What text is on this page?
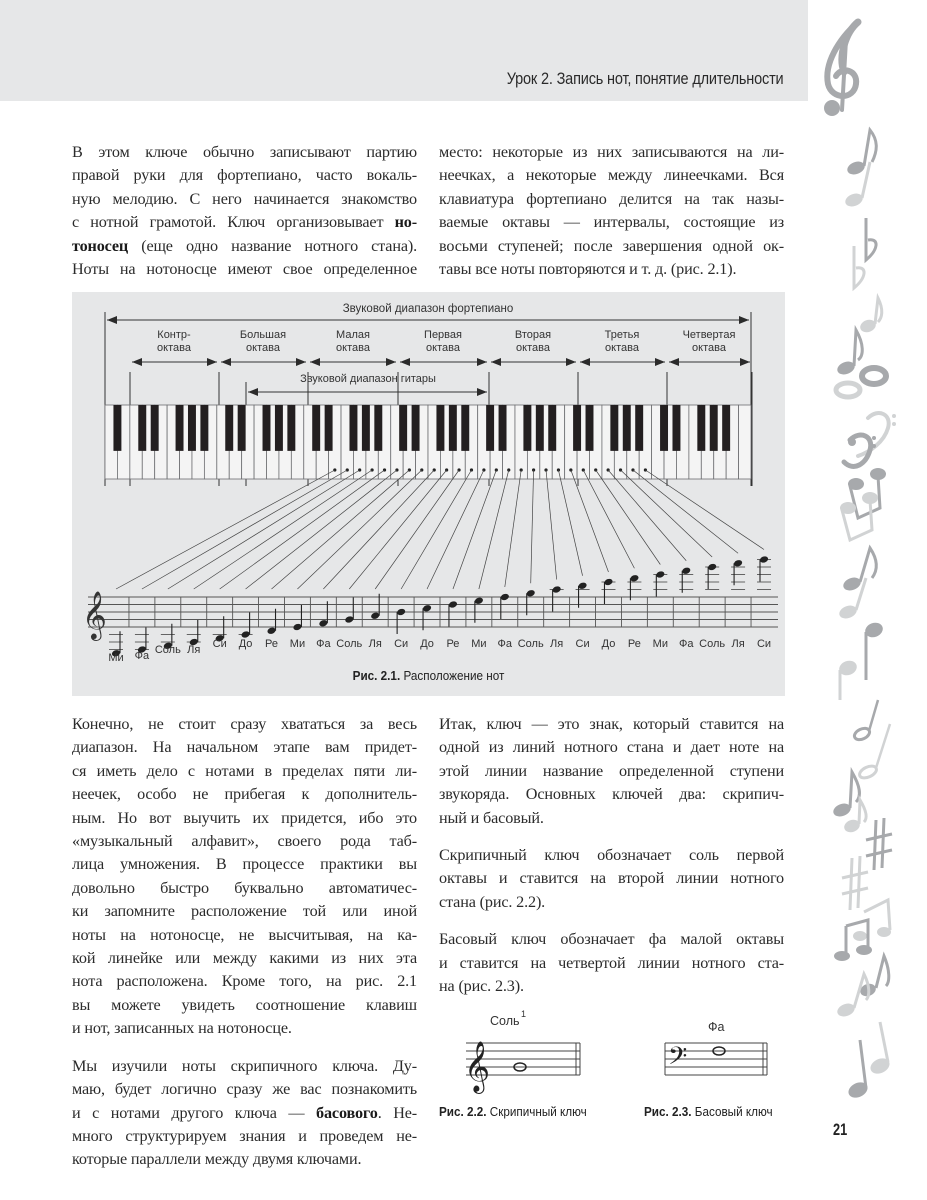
Урок 2. Запись нот, понятие длительности
В этом ключе обычно записывают партию
правой руки для фортепиано, часто вокаль-
ную мелодию. С него начинается знакомство
с нотной грамотой. Ключ организовывает но-
тоносец (еще одно название нотного стана).
Ноты на нотоносце имеют свое определенное
место: некоторые из них записываются на ли-
неечках, а некоторые между линеечками. Вся
клавиатура фортепиано делится на так назы-
ваемые октавы — интервалы, состоящие из
восьми ступеней; после завершения одной ок-
тавы все ноты повторяются и т. д. (рис. 2.1).
Звуковой диапазон фортепиано
Контр-
октава
Большая
октава
Малая
октава
Первая
октава
Вторая
октава
Третья
октава
Четвертая
октава
Звуковой диапазон гитары
𝄞
Ми Фа Соль Ля Си До Ре Ми Фа Соль Ля Си До Ре Ми Фа Соль Ля Си До Ре Ми Фа Соль Ля Си
Рис. 2.1. Расположение нот
Конечно, не стоит сразу хвататься за весь
диапазон. На начальном этапе вам придет-
ся иметь дело с нотами в пределах пяти ли-
неечек, особо не прибегая к дополнитель-
ным. Но вот выучить их придется, ибо это
«музыкальный алфавит», своего рода таб-
лица умножения. В процессе практики вы
довольно быстро буквально автоматичес-
ки запомните расположение той или иной
ноты на нотоносце, не высчитывая, на ка-
кой линейке или между какими из них эта
нота расположена. Кроме того, на рис. 2.1
вы можете увидеть соотношение клавиш
и нот, записанных на нотоносце.
Мы изучили ноты скрипичного ключа. Ду-
маю, будет логично сразу же вас познакомить
и с нотами другого ключа — басового. Не-
много структурируем знания и проведем не-
которые параллели между двумя ключами.
Итак, ключ — это знак, который ставится на
одной из линий нотного стана и дает ноте на
этой линии название определенной ступени
звукоряда. Основных ключей два: скрипич-
ный и басовый.
Скрипичный ключ обозначает соль первой
октавы и ставится на второй линии нотного
стана (рис. 2.2).
Басовый ключ обозначает фа малой октавы
и ставится на четвертой линии нотного ста-
на (рис. 2.3).
Соль 1
𝄞
Рис. 2.2. Скрипичный ключ
Фа
𝄢
Рис. 2.3. Басовый ключ
21
